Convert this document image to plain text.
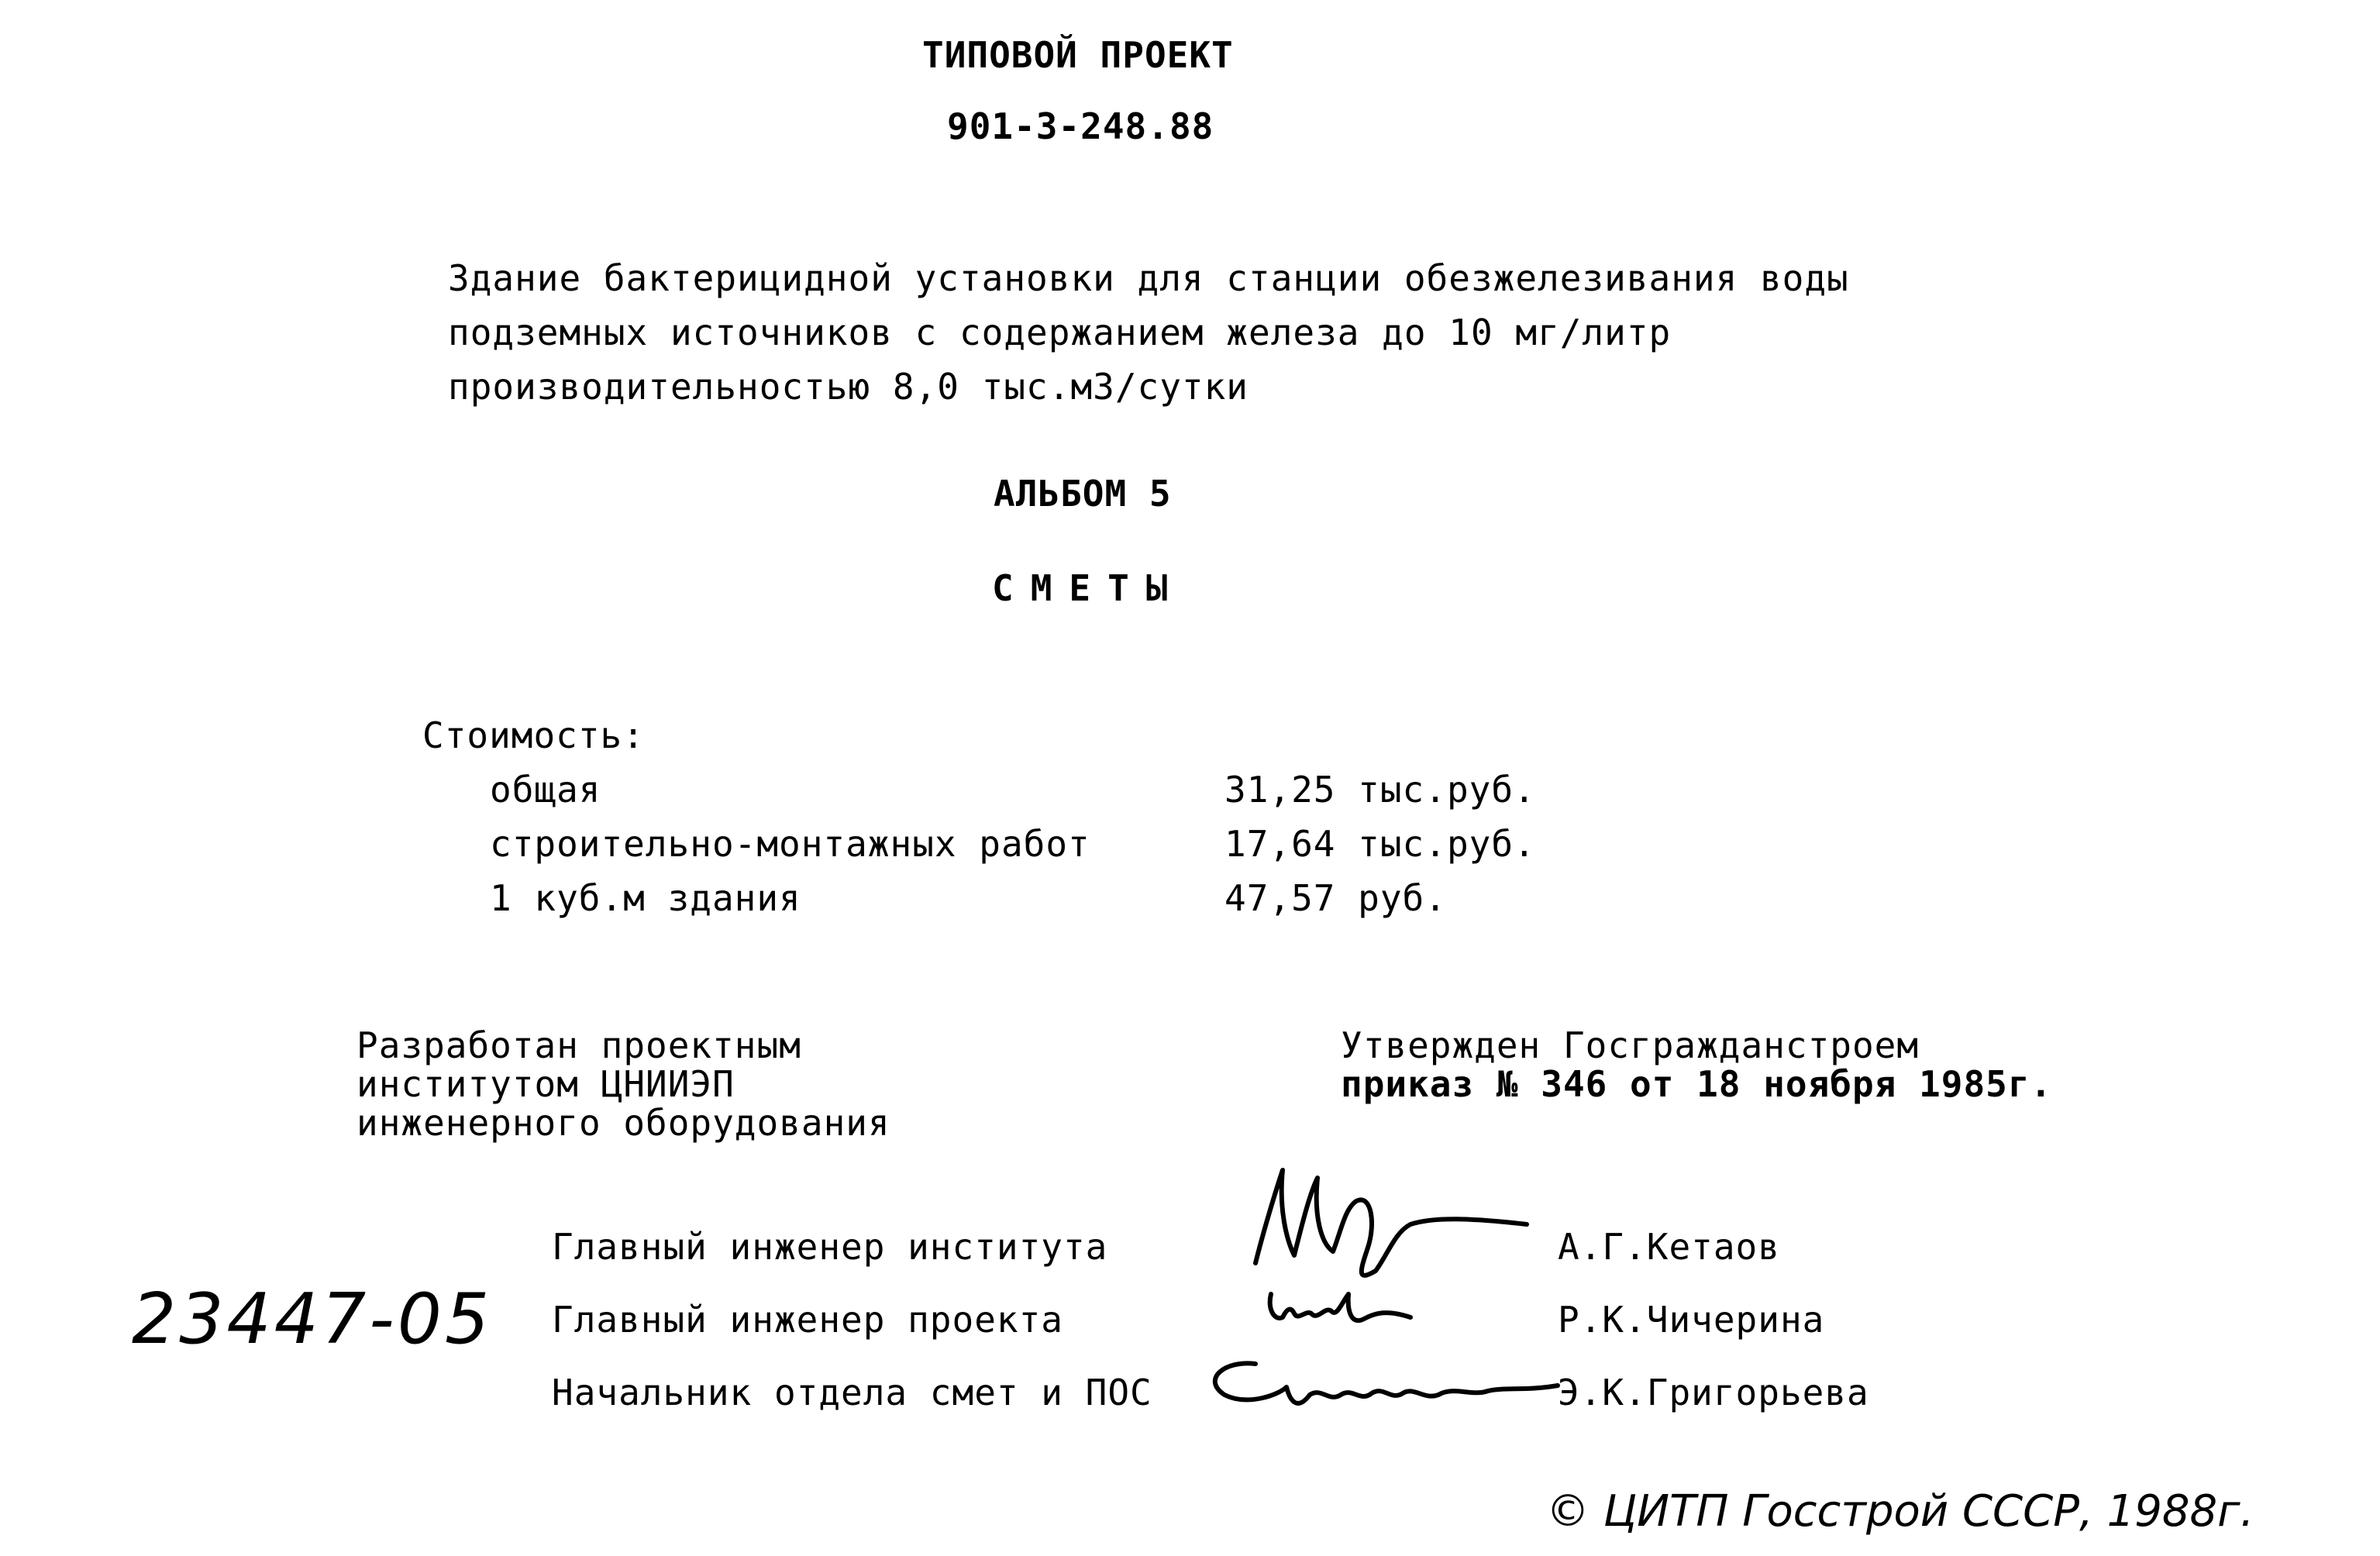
ТИПОВОЙ ПРОЕКТ
901-3-248.88
Здание бактерицидной установки для станции обезжелезивания воды
подземных источников с содержанием железа до 10 мг/литр
производительностью 8,0 тыс.м3/сутки
АЛЬБОМ 5
СМЕТЫ
Стоимость:
общая	31,25 тыс.руб.
строительно-монтажных работ	17,64 тыс.руб.
1 куб.м здания	47,57 руб.
Разработан проектным
институтом ЦНИИЭП
инженерного оборудования
Утвержден Госгражданстроем
приказ № 346 от 18 ноября 1985г.
Главный инженер института	А.Г.Кетаов
Главный инженер проекта	Р.К.Чичерина
Начальник отдела смет и ПОС	Э.К.Григорьева
23447-05
© ЦИТП Госстрой СССР, 1988г.
